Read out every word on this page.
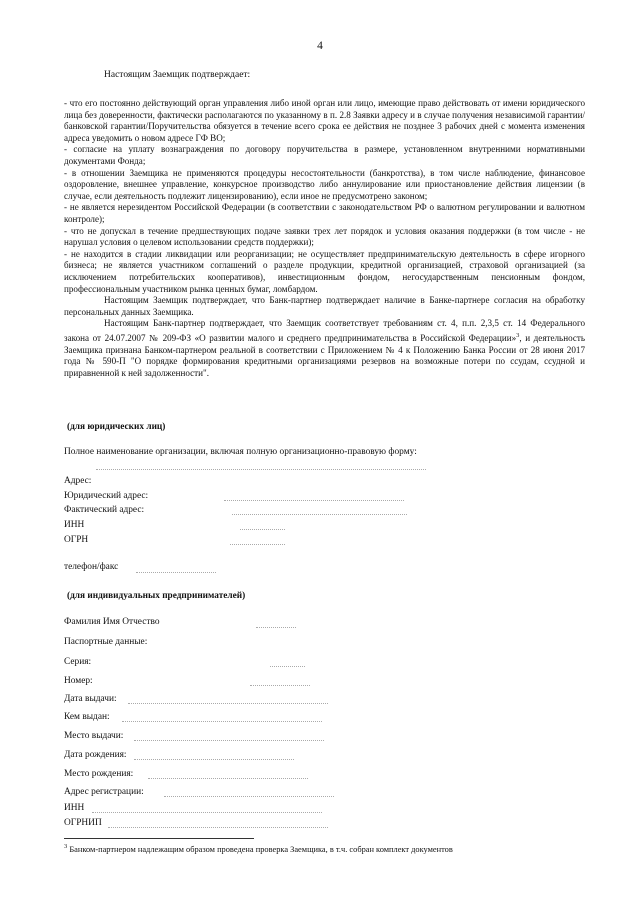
4
Настоящим Заемщик подтверждает:

- что его постоянно действующий орган управления либо иной орган или лицо, имеющие право действовать от имени юридического лица без доверенности, фактически располагаются по указанному в п. 2.8 Заявки адресу и в случае получения независимой гарантии/банковской гарантии/Поручительства обязуется в течение всего срока ее действия не позднее 3 рабочих дней с момента изменения адреса уведомить о новом адресе ГФ ВО;

- согласие на уплату вознаграждения по договору поручительства в размере, установленном внутренними нормативными документами Фонда;

- в отношении Заемщика не применяются процедуры несостоятельности (банкротства), в том числе наблюдение, финансовое оздоровление, внешнее управление, конкурсное производство либо аннулирование или приостановление действия лицензии (в случае, если деятельность подлежит лицензированию), если иное не предусмотрено законом;

- не является нерезидентом Российской Федерации (в соответствии с законодательством РФ о валютном регулировании и валютном контроле);

- что не допускал в течение предшествующих подаче заявки трех лет порядок и условия оказания поддержки (в том числе - не нарушал условия о целевом использовании средств поддержки);

- не находится в стадии ликвидации или реорганизации; не осуществляет предпринимательскую деятельность в сфере игорного бизнеса; не является участником соглашений о разделе продукции, кредитной организацией, страховой организацией (за исключением потребительских кооперативов), инвестиционным фондом, негосударственным пенсионным фондом, профессиональным участником рынка ценных бумаг, ломбардом.

Настоящим Заемщик подтверждает, что Банк-партнер подтверждает наличие в Банке-партнере согласия на обработку персональных данных Заемщика.

Настоящим Банк-партнер подтверждает, что Заемщик соответствует требованиям ст. 4, п.п. 2,3,5 ст. 14 Федерального закона от 24.07.2007 № 209-ФЗ «О развитии малого и среднего предпринимательства в Российской Федерации»$^3$, и деятельность Заемщика признана Банком-партнером реальной в соответствии с Приложением № 4 к Положению Банка России от 28 июня 2017 года № 590-П "О порядке формирования кредитными организациями резервов на возможные потери по ссудам, ссудной и приравненной к ней задолженности".

(для юридических лиц)
Полное наименование организации, включая полную организационно-правовую форму:
Адрес:
Юридический адрес:
Фактический адрес:
ИНН
ОГРН
телефон/факс
(для индивидуальных предпринимателей)
Фамилия Имя Отчество
Паспортные данные:
Серия:
Номер:
Дата выдачи:
Кем выдан:
Место выдачи:
Дата рождения:
Место рождения:
Адрес регистрации:
ИНН
ОГРНИП
$^3$ Банком-партнером надлежащим образом проведена проверка Заемщика, в т.ч. собран комплект документов
